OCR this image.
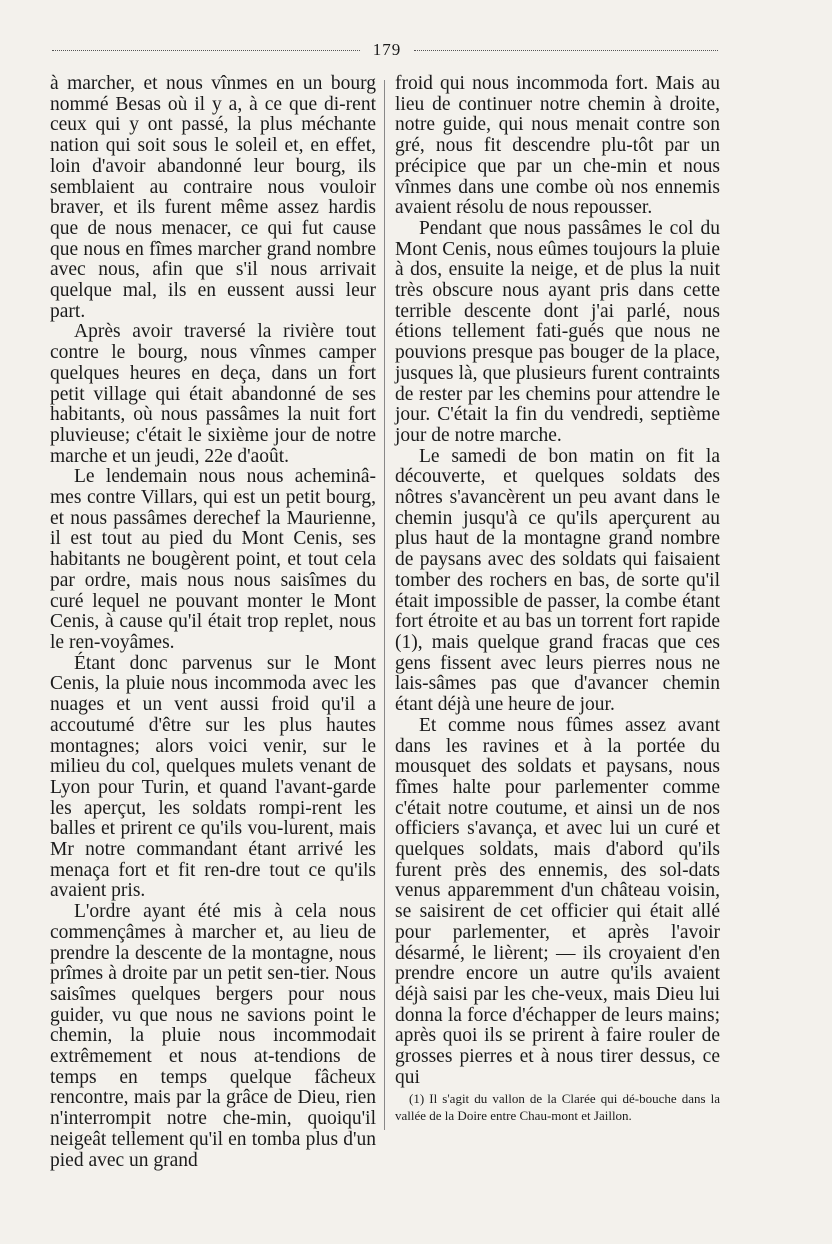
179

à marcher, et nous vînmes en un bourg nommé Besas où il y a, à ce que di-rent ceux qui y ont passé, la plus méchante nation qui soit sous le soleil et, en effet, loin d'avoir abandonné leur bourg, ils semblaient au contraire nous vouloir braver, et ils furent même assez hardis que de nous menacer, ce qui fut cause que nous en fîmes marcher grand nombre avec nous, afin que s'il nous arrivait quelque mal, ils en eussent aussi leur part.

Après avoir traversé la rivière tout contre le bourg, nous vînmes camper quelques heures en deça, dans un fort petit village qui était abandonné de ses habitants, où nous passâmes la nuit fort pluvieuse; c'était le sixième jour de notre marche et un jeudi, 22e d'août.

Le lendemain nous nous acheminâ-mes contre Villars, qui est un petit bourg, et nous passâmes derechef la Maurienne, il est tout au pied du Mont Cenis, ses habitants ne bougèrent point, et tout cela par ordre, mais nous nous saisîmes du curé lequel ne pouvant monter le Mont Cenis, à cause qu'il était trop replet, nous le ren-voyâmes.

Étant donc parvenus sur le Mont Cenis, la pluie nous incommoda avec les nuages et un vent aussi froid qu'il a accoutumé d'être sur les plus hautes montagnes; alors voici venir, sur le milieu du col, quelques mulets venant de Lyon pour Turin, et quand l'avant-garde les aperçut, les soldats rompi-rent les balles et prirent ce qu'ils vou-lurent, mais Mr notre commandant étant arrivé les menaça fort et fit ren-dre tout ce qu'ils avaient pris.

L'ordre ayant été mis à cela nous commençâmes à marcher et, au lieu de prendre la descente de la montagne, nous prîmes à droite par un petit sen-tier. Nous saisîmes quelques bergers pour nous guider, vu que nous ne savions point le chemin, la pluie nous incommodait extrêmement et nous at-tendions de temps en temps quelque fâcheux rencontre, mais par la grâce de Dieu, rien n'interrompit notre che-min, quoiqu'il neigeât tellement qu'il en tomba plus d'un pied avec un grand

froid qui nous incommoda fort. Mais au lieu de continuer notre chemin à droite, notre guide, qui nous menait contre son gré, nous fit descendre plu-tôt par un précipice que par un che-min et nous vînmes dans une combe où nos ennemis avaient résolu de nous repousser.

Pendant que nous passâmes le col du Mont Cenis, nous eûmes toujours la pluie à dos, ensuite la neige, et de plus la nuit très obscure nous ayant pris dans cette terrible descente dont j'ai parlé, nous étions tellement fati-gués que nous ne pouvions presque pas bouger de la place, jusques là, que plusieurs furent contraints de rester par les chemins pour attendre le jour. C'était la fin du vendredi, septième jour de notre marche.

Le samedi de bon matin on fit la découverte, et quelques soldats des nôtres s'avancèrent un peu avant dans le chemin jusqu'à ce qu'ils aperçurent au plus haut de la montagne grand nombre de paysans avec des soldats qui faisaient tomber des rochers en bas, de sorte qu'il était impossible de passer, la combe étant fort étroite et au bas un torrent fort rapide (1), mais quelque grand fracas que ces gens fissent avec leurs pierres nous ne lais-sâmes pas que d'avancer chemin étant déjà une heure de jour.

Et comme nous fûmes assez avant dans les ravines et à la portée du mousquet des soldats et paysans, nous fîmes halte pour parlementer comme c'était notre coutume, et ainsi un de nos officiers s'avança, et avec lui un curé et quelques soldats, mais d'abord qu'ils furent près des ennemis, des sol-dats venus apparemment d'un château voisin, se saisirent de cet officier qui était allé pour parlementer, et après l'avoir désarmé, le lièrent; — ils croyaient d'en prendre encore un autre qu'ils avaient déjà saisi par les che-veux, mais Dieu lui donna la force d'échapper de leurs mains; après quoi ils se prirent à faire rouler de grosses pierres et à nous tirer dessus, ce qui

(1) Il s'agit du vallon de la Clarée qui dé-bouche dans la vallée de la Doire entre Chau-mont et Jaillon.
